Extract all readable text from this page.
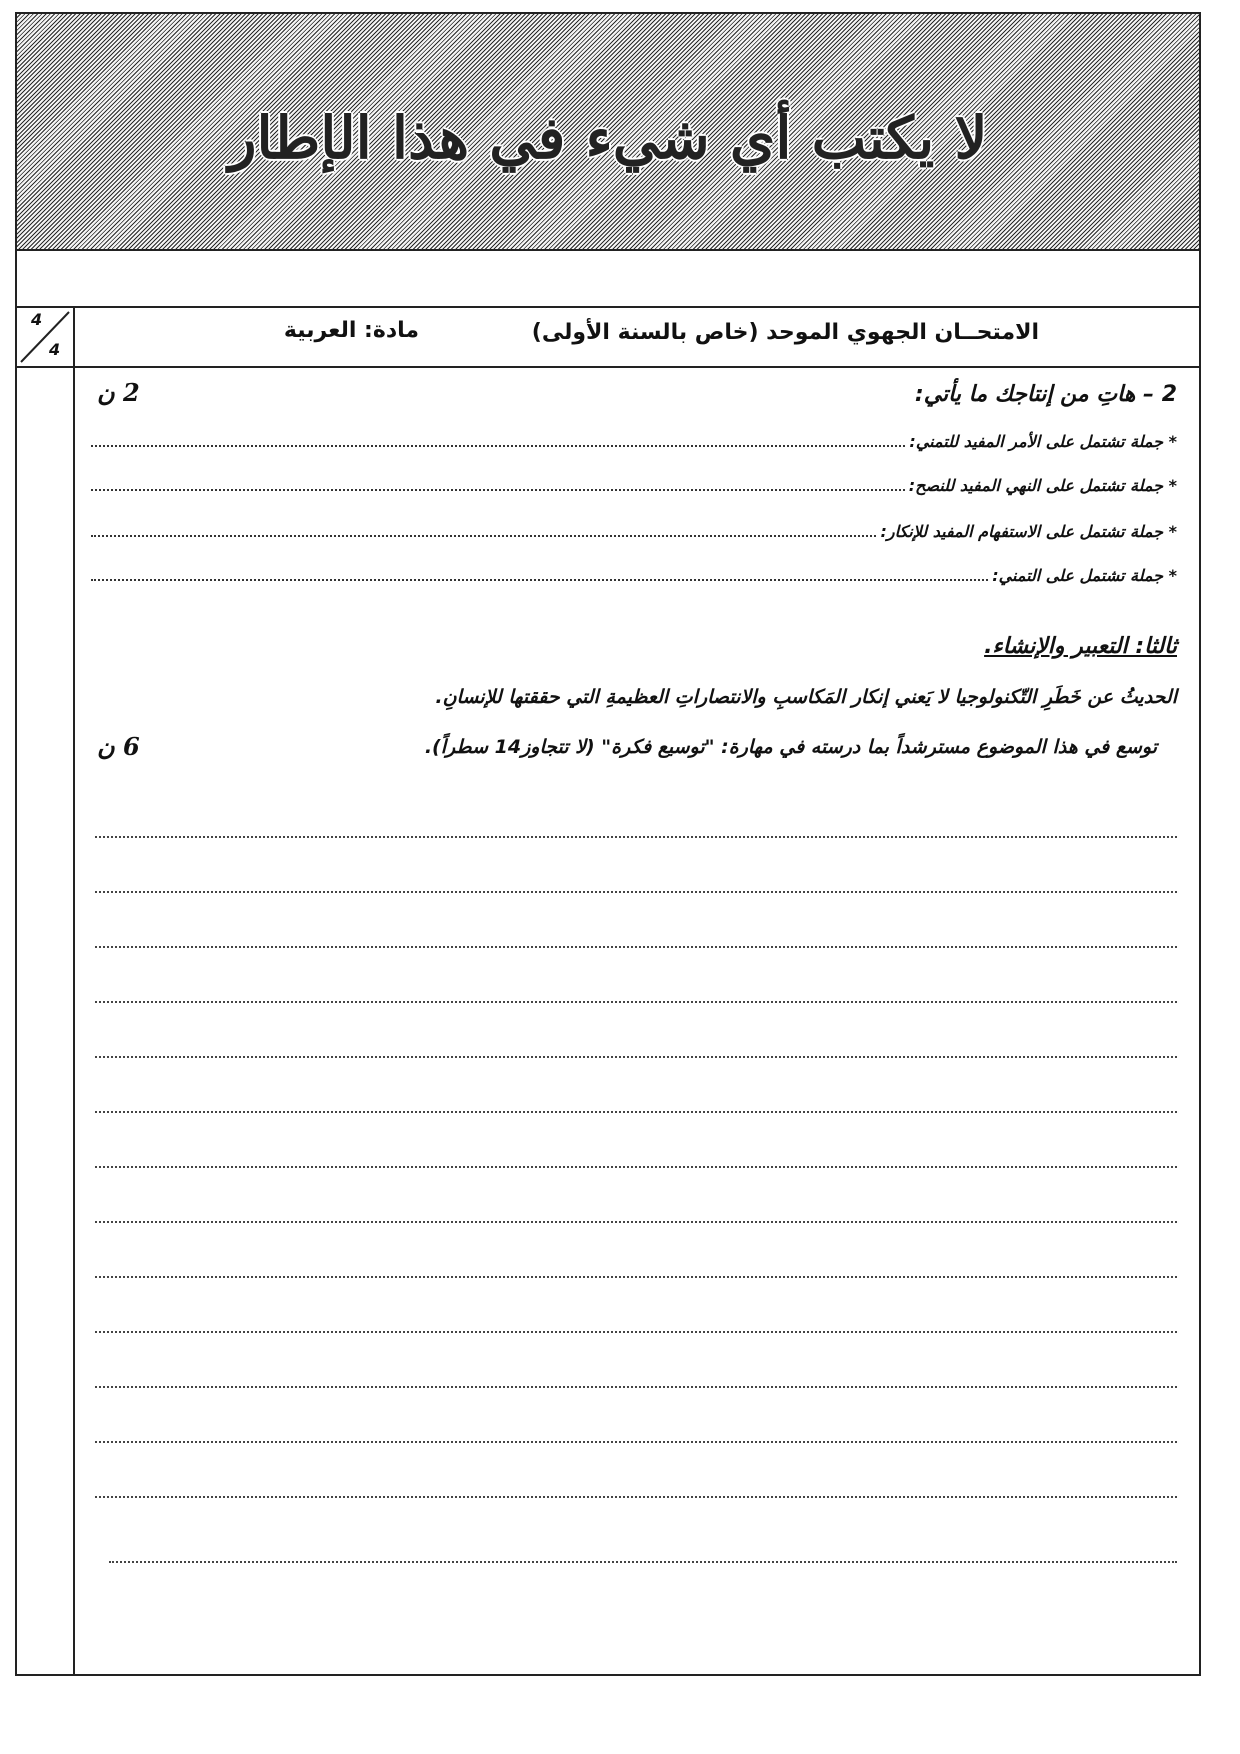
لا يكتب أي شيء في هذا الإطار
الامتحــان الجهوي الموحد (خاص بالسنة الأولى)
مادة: العربية
4
4
2 – هاتِ من إنتاجك ما يأتي:
2 ن
* جملة تشتمل على الأمر المفيد للتمني:
* جملة تشتمل على النهي المفيد للنصح:
* جملة تشتمل على الاستفهام المفيد للإنكار:
* جملة تشتمل على التمني:
ثالثا: التعبير والإنشاء.
الحديثُ عن خَطَرِ التّكنولوجيا لا يَعني إنكار المَكاسبِ والانتصاراتِ العظيمةِ التي حققتها للإنسانِ.
توسع في هذا الموضوع مسترشداً بما درسته في مهارة: "توسيع فكرة" (لا تتجاوز14 سطراً).
6 ن
